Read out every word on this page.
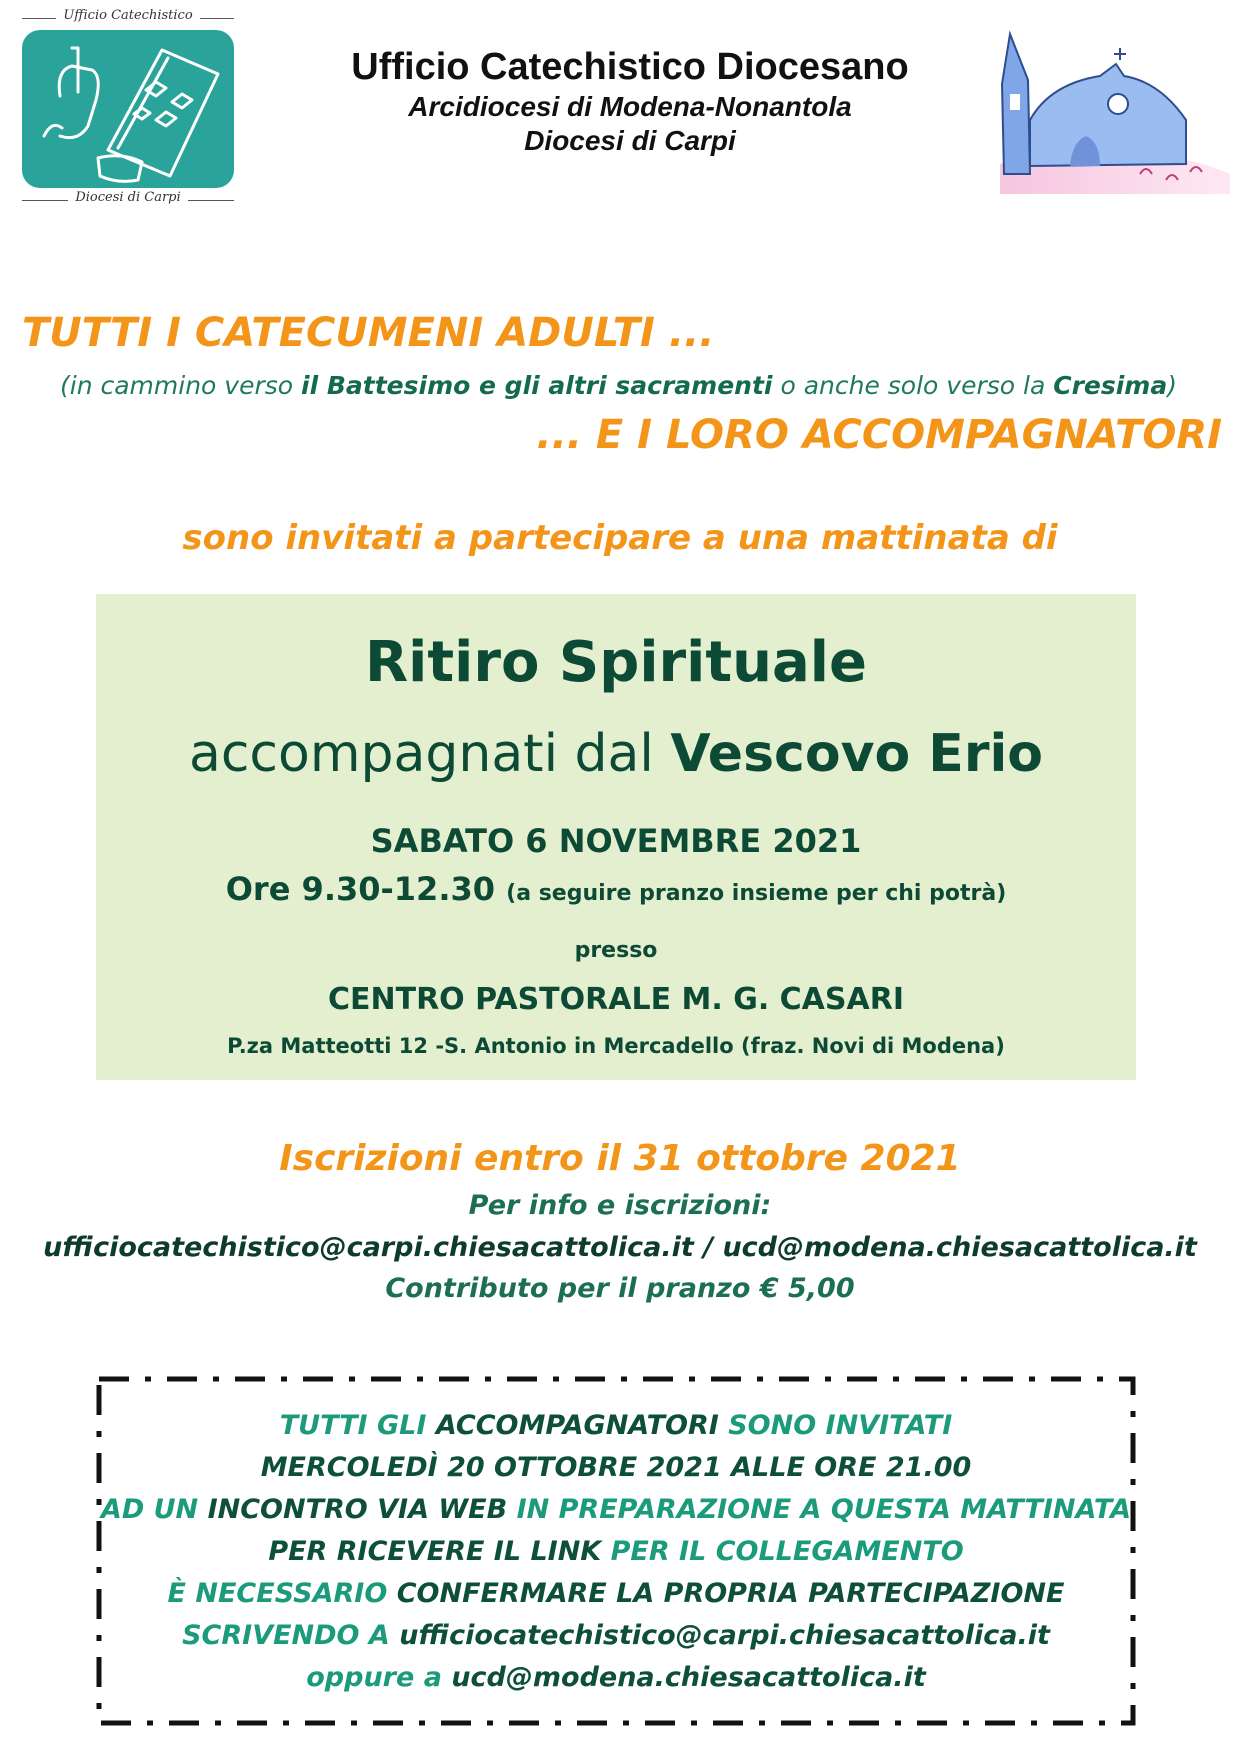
Ufficio Catechistico
Diocesi di Carpi
Ufficio Catechistico Diocesano
Arcidiocesi di Modena-Nonantola
Diocesi di Carpi
TUTTI I CATECUMENI ADULTI ...
(in cammino verso il Battesimo e gli altri sacramenti o anche solo verso la Cresima)
... E I LORO ACCOMPAGNATORI
sono invitati a partecipare a una mattinata di
Ritiro Spirituale
accompagnati dal Vescovo Erio
SABATO 6 NOVEMBRE 2021
Ore 9.30-12.30 (a seguire pranzo insieme per chi potrà)
presso
CENTRO PASTORALE M. G. CASARI
P.za Matteotti 12 -S. Antonio in Mercadello (fraz. Novi di Modena)
Iscrizioni entro il 31 ottobre 2021
Per info e iscrizioni:
ufficiocatechistico@carpi.chiesacattolica.it / ucd@modena.chiesacattolica.it
Contributo per il pranzo € 5,00
TUTTI GLI ACCOMPAGNATORI SONO INVITATI
MERCOLEDÌ 20 OTTOBRE 2021 ALLE ORE 21.00
AD UN INCONTRO VIA WEB IN PREPARAZIONE A QUESTA MATTINATA
PER RICEVERE IL LINK PER IL COLLEGAMENTO
È NECESSARIO CONFERMARE LA PROPRIA PARTECIPAZIONE
SCRIVENDO A ufficiocatechistico@carpi.chiesacattolica.it
oppure a ucd@modena.chiesacattolica.it
